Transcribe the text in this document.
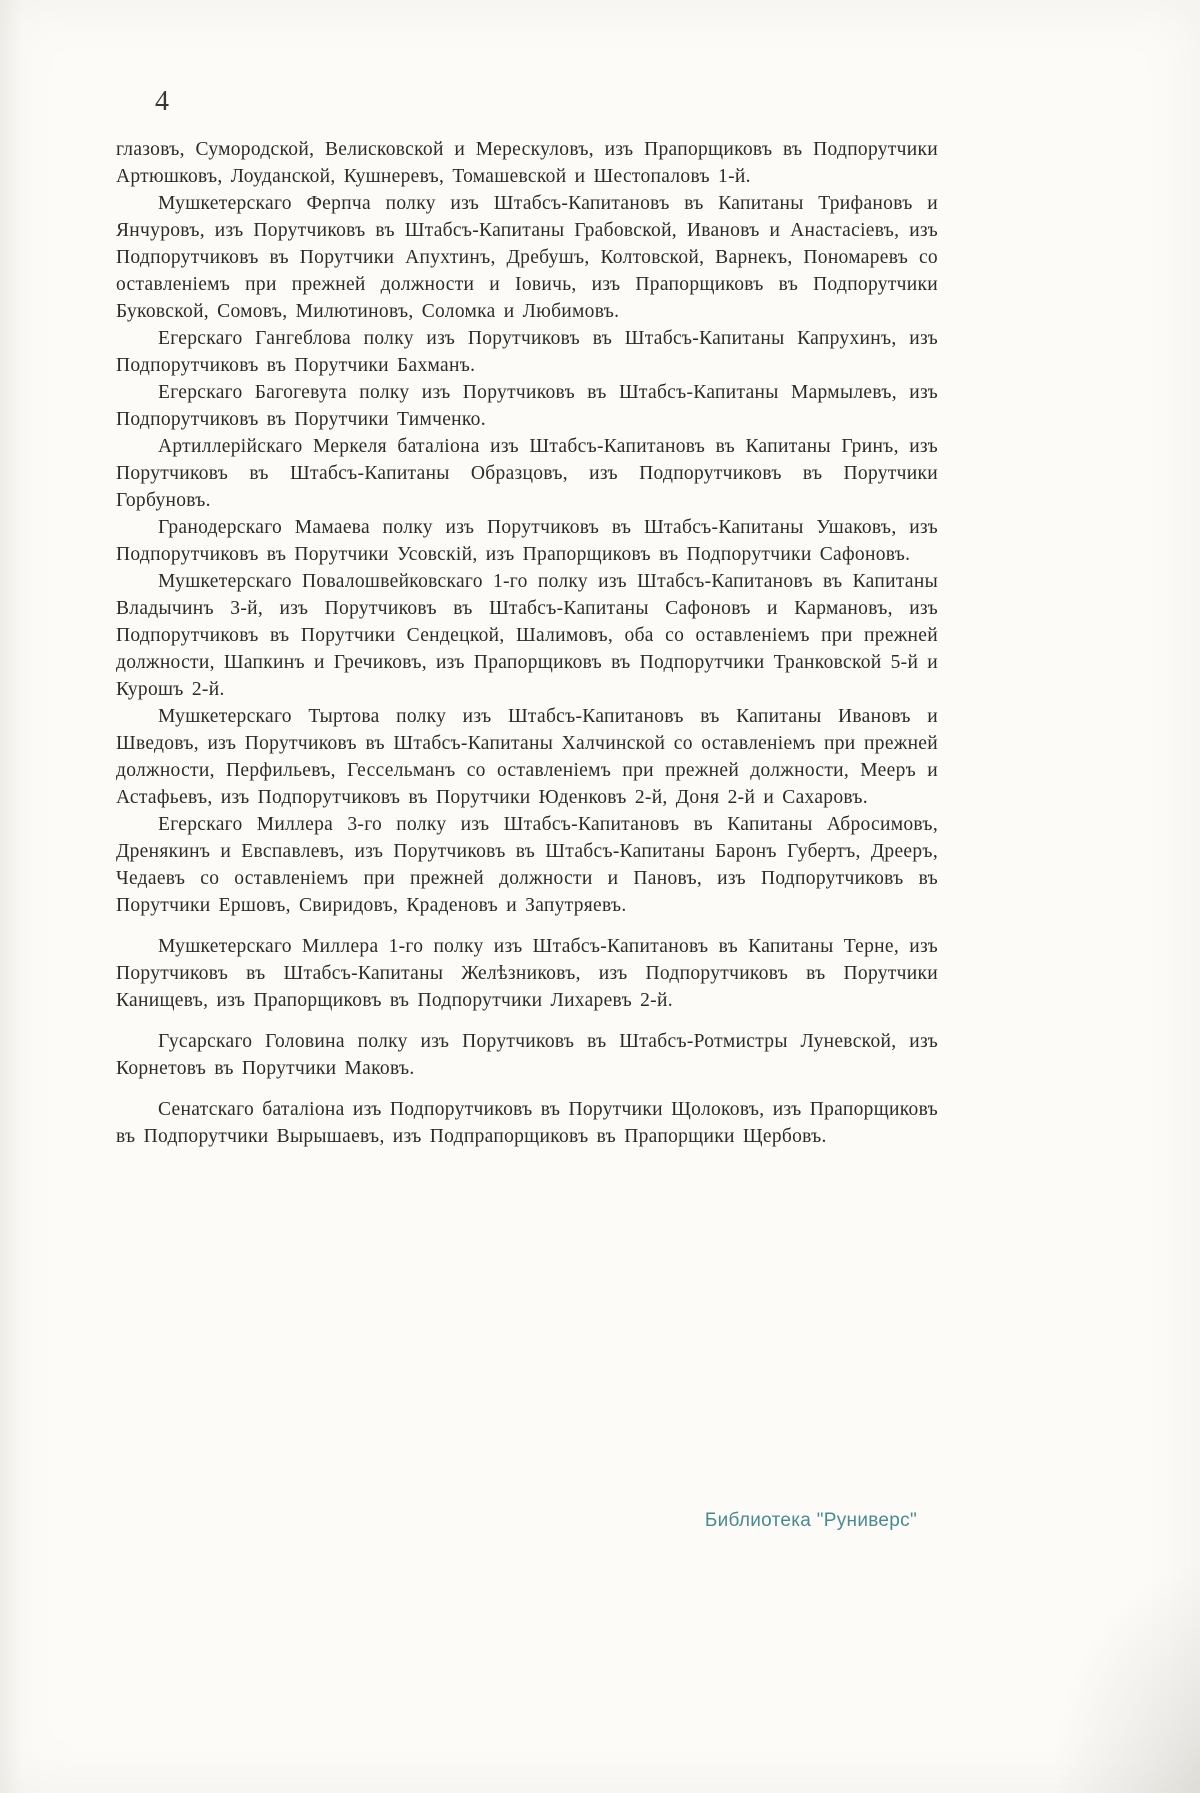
4

глазовъ, Сумородской, Велисковской и Мерескуловъ, изъ Прапорщиковъ въ Подпорутчики Артюшковъ, Лоуданской, Кушнеревъ, Томашевской и Шестопаловъ 1-й.

Мушкетерскаго Ферпча полку изъ Штабсъ-Капитановъ въ Капитаны Трифановъ и Янчуровъ, изъ Порутчиковъ въ Штабсъ-Капитаны Грабовской, Ивановъ и Анастасіевъ, изъ Подпорутчиковъ въ Порутчики Апухтинъ, Дребушъ, Колтовской, Варнекъ, Пономаревъ со оставленіемъ при прежней должности и Іовичь, изъ Прапорщиковъ въ Подпорутчики Буковской, Сомовъ, Милютиновъ, Соломка и Любимовъ.

Егерскаго Гангеблова полку изъ Порутчиковъ въ Штабсъ-Капитаны Капрухинъ, изъ Подпорутчиковъ въ Порутчики Бахманъ.

Егерскаго Багогевута полку изъ Порутчиковъ въ Штабсъ-Капитаны Мармылевъ, изъ Подпорутчиковъ въ Порутчики Тимченко.

Артиллерійскаго Меркеля баталіона изъ Штабсъ-Капитановъ въ Капитаны Гринъ, изъ Порутчиковъ въ Штабсъ-Капитаны Образцовъ, изъ Подпорутчиковъ въ Порутчики Горбуновъ.

Гранодерскаго Мамаева полку изъ Порутчиковъ въ Штабсъ-Капитаны Ушаковъ, изъ Подпорутчиковъ въ Порутчики Усовскій, изъ Прапорщиковъ въ Подпорутчики Сафоновъ.

Мушкетерскаго Повалошвейковскаго 1-го полку изъ Штабсъ-Капитановъ въ Капитаны Владычинъ 3-й, изъ Порутчиковъ въ Штабсъ-Капитаны Сафоновъ и Кармановъ, изъ Подпорутчиковъ въ Порутчики Сендецкой, Шалимовъ, оба со оставленіемъ при прежней должности, Шапкинъ и Гречиковъ, изъ Прапорщиковъ въ Подпорутчики Транковской 5-й и Курошъ 2-й.

Мушкетерскаго Тыртова полку изъ Штабсъ-Капитановъ въ Капитаны Ивановъ и Шведовъ, изъ Порутчиковъ въ Штабсъ-Капитаны Халчинской со оставленіемъ при прежней должности, Перфильевъ, Гессельманъ со оставленіемъ при прежней должности, Мееръ и Астафьевъ, изъ Подпорутчиковъ въ Порутчики Юденковъ 2-й, Доня 2-й и Сахаровъ.

Егерскаго Миллера 3-го полку изъ Штабсъ-Капитановъ въ Капитаны Абросимовъ, Дренякинъ и Евспавлевъ, изъ Порутчиковъ въ Штабсъ-Капитаны Баронъ Губертъ, Дрееръ, Чедаевъ со оставленіемъ при прежней должности и Пановъ, изъ Подпорутчиковъ въ Порутчики Ершовъ, Свиридовъ, Краденовъ и Запутряевъ.

Мушкетерскаго Миллера 1-го полку изъ Штабсъ-Капитановъ въ Капитаны Терне, изъ Порутчиковъ въ Штабсъ-Капитаны Желѣзниковъ, изъ Подпорутчиковъ въ Порутчики Канищевъ, изъ Прапорщиковъ въ Подпорутчики Лихаревъ 2-й.

Гусарскаго Головина полку изъ Порутчиковъ въ Штабсъ-Ротмистры Луневской, изъ Корнетовъ въ Порутчики Маковъ.

Сенатскаго баталіона изъ Подпорутчиковъ въ Порутчики Щолоковъ, изъ Прапорщиковъ въ Подпорутчики Вырышаевъ, изъ Подпрапорщиковъ въ Прапорщики Щербовъ.

Библиотека "Руниверс"
